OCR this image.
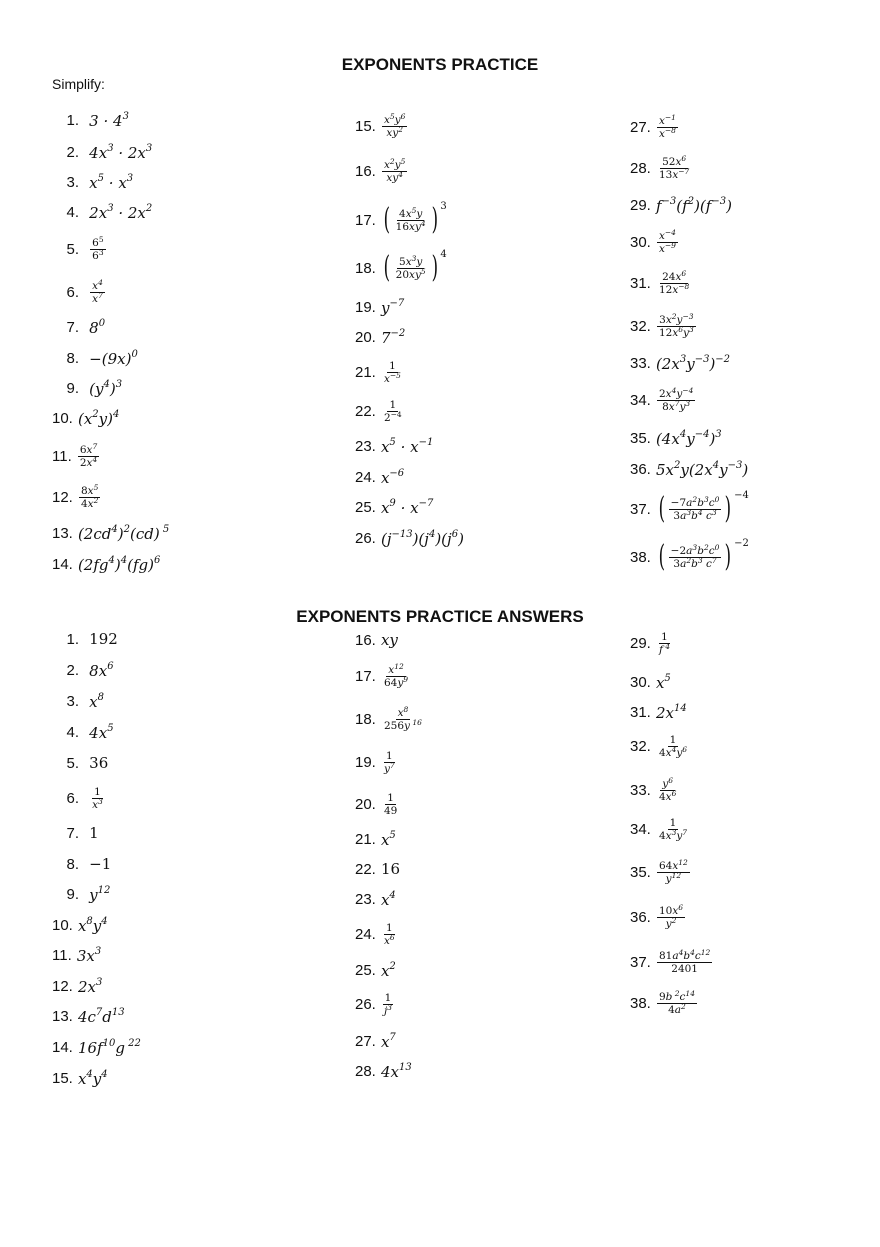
EXPONENTS PRACTICE
Simplify:
1.
$3 \cdot 4^3$
2.
$4x^3 \cdot 2x^3$
3.
$x^5 \cdot x^3$
4.
$2x^3 \cdot 2x^2$
5.
$\frac{6^5}{6^3}$
6.
$\frac{x^4}{x^7}$
7.
$8^0$
8.
$-(9x)^0$
9.
$(y^4)^3$
10.
$(x^2y)^4$
11.
$\frac{6x^7}{2x^4}$
12.
$\frac{8x^5}{4x^2}$
13.
$(2cd^4)^2(cd)$ $^5$
14.
$(2fg^4)^4(fg)^6$
15.
$\frac{x^5y^6}{xy^2}$
16.
$\frac{x^2y^5}{xy^4}$
17.
( $\frac{4x^5y}{16xy^4}$ ) 3
18.
( $\frac{5x^3y}{20xy^5}$ ) 4
19.
$y^{-7}$
20.
$7^{-2}$
21.
$\frac{1}{x^{-5}}$
22.
$\frac{1}{2^{-4}}$
23.
$x^5 \cdot x^{-1}$
24.
$x^{-6}$
25.
$x^9 \cdot x^{-7}$
26.
$(j^{-13})(j^4)(j^6)$
27.
$\frac{x^{-1}}{x^{-8}}$
28.
$\frac{52x^6}{13x^{-7}}$
29.
$f^{-3}(f^2)(f^{-3})$
30.
$\frac{x^{-4}}{x^{-9}}$
31.
$\frac{24x^6}{12x^{-8}}$
32.
$\frac{3x^2y^{-3}}{12x^6y^3}$
33.
$(2x^3y^{-3})^{-2}$
34.
$\frac{2x^4y^{-4}}{8x^7y^3}$
35.
$(4x^4y^{-4})^3$
36.
$5x^2y(2x^4y^{-3})$
37.
( $\frac{-7a^2b^3c^0}{3a^3b^4 c^3}$ ) −4
38.
( $\frac{-2a^3b^2c^0}{3a^2b^3 c^7}$ ) −2
EXPONENTS PRACTICE ANSWERS
1.
192
2.
$8x^6$
3.
$x^8$
4.
$4x^5$
5.
36
6.
$\frac{1}{x^3}$
7.
1
8.
−1
9.
$y^{12}$
10.
$x^8y^4$
11.
$3x^3$
12.
$2x^3$
13.
$4c^7d^{13}$
14.
$16f^{10}g$ $^{22}$
15.
$x^4y^4$
16.
xy
17.
$\frac{x^{12}}{64y^9}$
18.
$\frac{x^8}{256y ^{16}}$
19.
$\frac{1}{y^7}$
20.
$\frac{1}{49}$
21.
$x^5$
22.
16
23.
$x^4$
24.
$\frac{1}{x^6}$
25.
$x^2$
26.
$\frac{1}{j^3}$
27.
$x^7$
28.
$4x^{13}$
29.
$\frac{1}{f ^4}$
30.
$x^5$
31.
$2x^{14}$
32.
$\frac{1}{4x^4y^6}$
33.
$\frac{y^6}{4x^6}$
34.
$\frac{1}{4x^3y^7}$
35.
$\frac{64x^{12}}{y^{12}}$
36.
$\frac{10x^6}{y^2}$
37.
$\frac{81a^4b^4c^{12}}{2401}$
38.
$\frac{9b ^2c^{14}}{4a^2}$
